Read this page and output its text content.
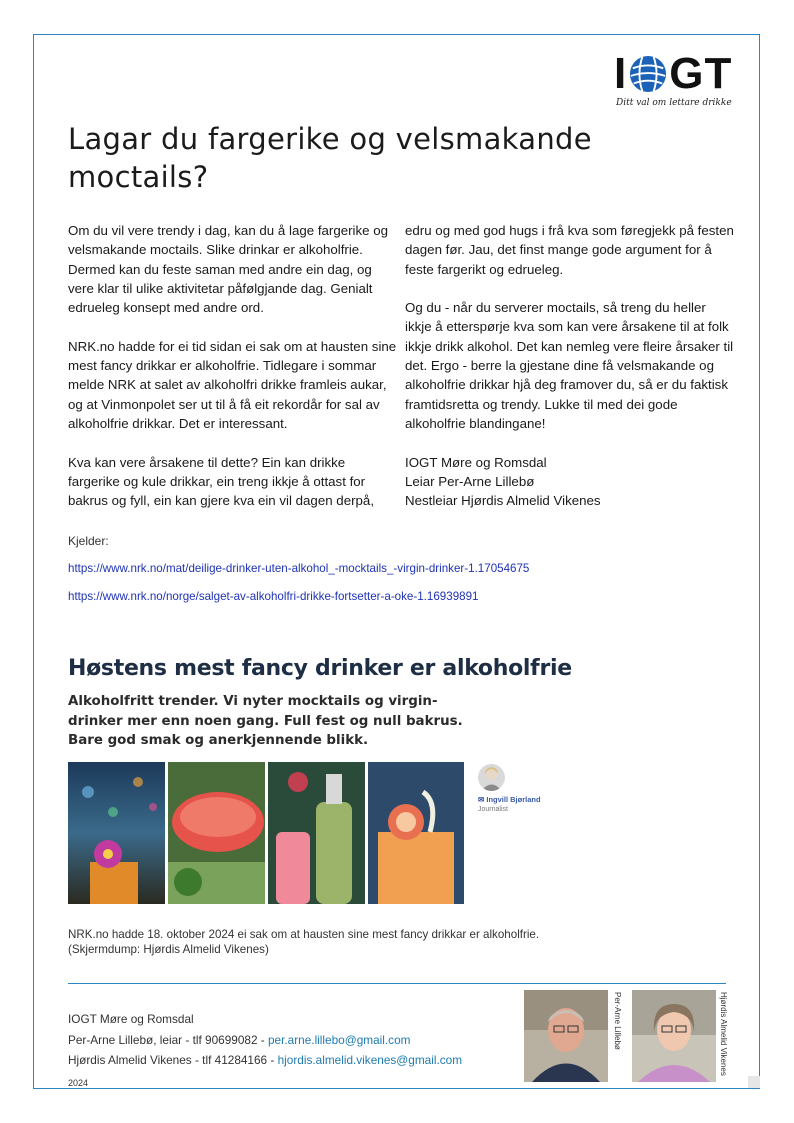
I GT
Ditt val om lettare drikke
Lagar du fargerike og velsmakande moctails?

Om du vil vere trendy i dag, kan du å lage fargerike og velsmakande moctails. Slike drinkar er alkoholfrie. Dermed kan du feste saman med andre ein dag, og vere klar til ulike aktivitetar påfølgjande dag. Genialt edrueleg konsept med andre ord.

NRK.no hadde for ei tid sidan ei sak om at hausten sine mest fancy drikkar er alkoholfrie. Tidlegare i sommar melde NRK at salet av alkoholfri drikke framleis aukar, og at Vinmonpolet ser ut til å få eit rekordår for sal av alkoholfrie drikkar. Det er interessant.

Kva kan vere årsakene til dette? Ein kan drikke fargerike og kule drikkar, ein treng ikkje å ottast for bakrus og fyll, ein kan gjere kva ein vil dagen derpå,

edru og med god hugs i frå kva som føregjekk på festen dagen før. Jau, det finst mange gode argument for å feste fargerikt og edrueleg.

Og du - når du serverer moctails, så treng du heller ikkje å etterspørje kva som kan vere årsakene til at folk ikkje drikk alkohol. Det kan nemleg vere fleire årsaker til det. Ergo - berre la gjestane dine få velsmakande og alkoholfrie drikkar hjå deg framover du, så er du faktisk framtidsretta og trendy. Lukke til med dei gode alkoholfrie blandingane!

IOGT Møre og Romsdal
Leiar Per-Arne Lillebø
Nestleiar Hjørdis Almelid Vikenes
Kjelder:
https://www.nrk.no/mat/deilige-drinker-uten-alkohol_-mocktails_-virgin-drinker-1.17054675
https://www.nrk.no/norge/salget-av-alkoholfri-drikke-fortsetter-a-oke-1.16939891
Høstens mest fancy drinker er alkoholfrie
Alkoholfritt trender. Vi nyter mocktails og virgin-drinker mer enn noen gang. Full fest og null bakrus. Bare god smak og anerkjennende blikk.
✉ Ingvill Bjørland
Journalist
NRK.no hadde 18. oktober 2024 ei sak om at hausten sine mest fancy drikkar er alkoholfrie.
(Skjermdump: Hjørdis Almelid Vikenes)
IOGT Møre og Romsdal
Per-Arne Lillebø, leiar - tlf 90699082 - per.arne.lillebo@gmail.com
Hjørdis Almelid Vikenes - tlf 41284166 - hjordis.almelid.vikenes@gmail.com
2024
Per-Arne Lillebø	Hjørdis Almelid Vikenes
